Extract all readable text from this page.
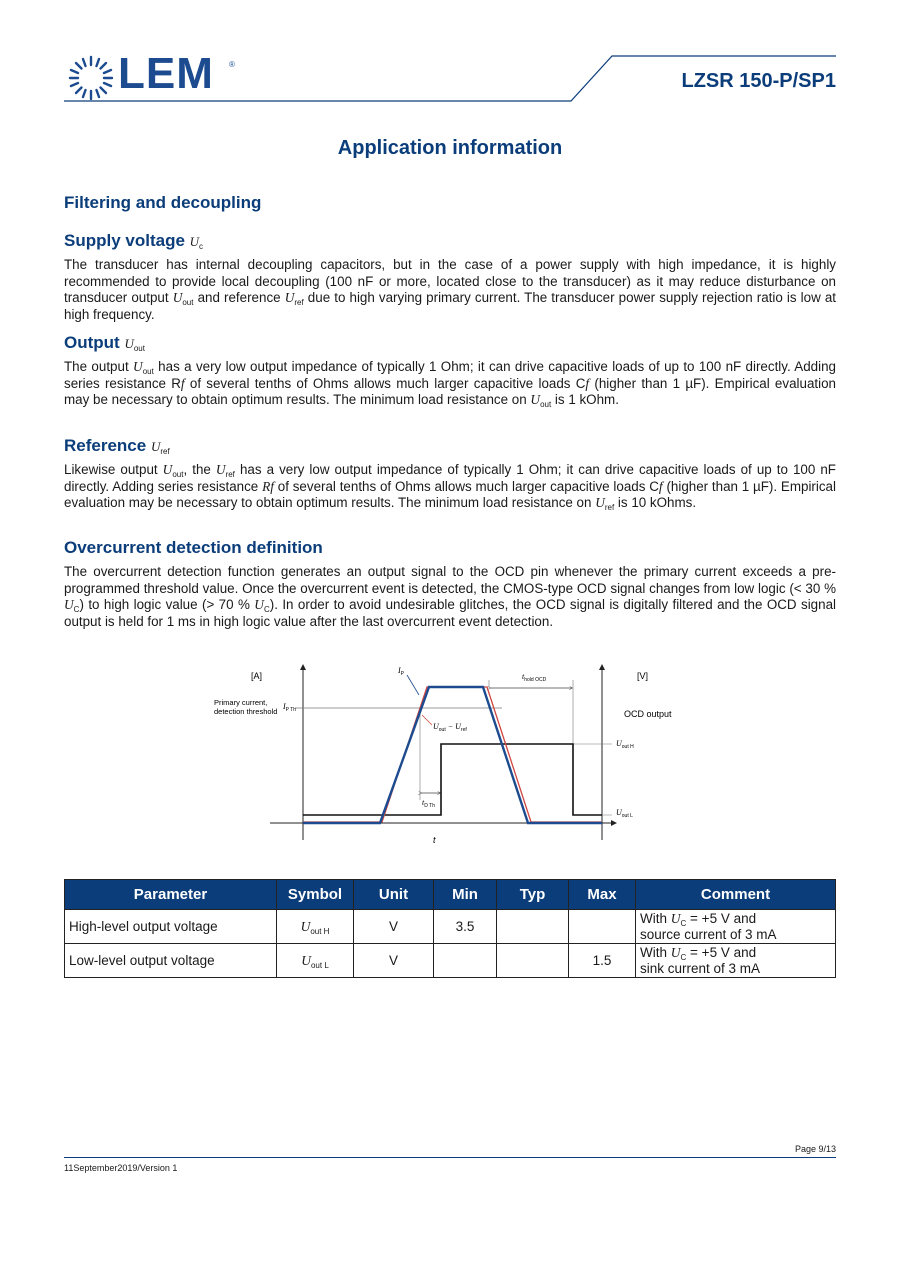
LEM ®
LZSR 150-P/SP1
Application information
Filtering and decoupling
Supply voltage $U_c$

The transducer has internal decoupling capacitors, but in the case of a power supply with high impedance, it is highly recommended to provide local decoupling (100 nF or more, located close to the transducer) as it may reduce disturbance on transducer output $U_{out}$ and reference $U_{ref}$ due to high varying primary current. The transducer power supply rejection ratio is low at high frequency.

Output $U_{out}$

The output $U_{out}$ has a very low output impedance of typically 1 Ohm; it can drive capacitive loads of up to 100 nF directly. Adding series resistance Rf of several tenths of Ohms allows much larger capacitive loads Cf (higher than 1 µF). Empirical evaluation may be necessary to obtain optimum results. The minimum load resistance on $U_{out}$ is 1 kOhm.

Reference $U_{ref}$

Likewise output $U_{out}$, the $U_{ref}$ has a very low output impedance of typically 1 Ohm; it can drive capacitive loads of up to 100 nF directly. Adding series resistance Rf of several tenths of Ohms allows much larger capacitive loads Cf (higher than 1 µF). Empirical evaluation may be necessary to obtain optimum results. The minimum load resistance on $U_{ref}$ is 10 kOhms.

Overcurrent detection definition

The overcurrent detection function generates an output signal to the OCD pin whenever the primary current exceeds a pre-programmed threshold value. Once the overcurrent event is detected, the CMOS-type OCD signal changes from low logic (< 30 % $U_C$) to high logic value (> 70 % $U_C$). In order to avoid undesirable glitches, the OCD signal is digitally filtered and the OCD signal output is held for 1 ms in high logic value after the last overcurrent event detection.

[A]	[V]
Primary current,
detection threshold
$I_{P Th}$
$I_P$	$t_{hold OCD}$
$U_{out} - U_{ref}$
OCD output
$U_{out H}$
$U_{out L}$
$t_{D Th}$
t
Parameter	Symbol	Unit	Min	Typ	Max	Comment
High-level output voltage	$U_{out H}$	V	3.5			With $U_C = +5$ V and
source current of 3 mA
Low-level output voltage	$U_{out L}$	V			1.5	With $U_C = +5$ V and
sink current of 3 mA
Page 9/13
11September2019/Version 1
